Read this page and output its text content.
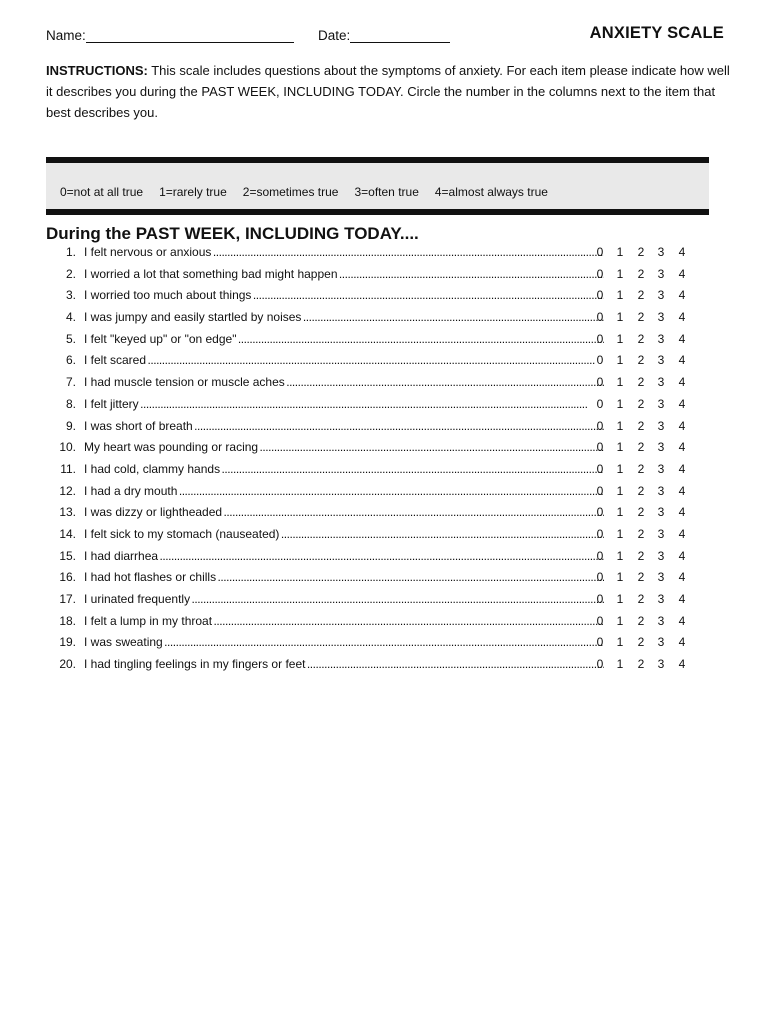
Name:	Date:	ANXIETY SCALE

INSTRUCTIONS: This scale includes questions about the symptoms of anxiety. For each item please indicate how well it describes you during the PAST WEEK, INCLUDING TODAY. Circle the number in the columns next to the item that best describes you.

0=not at all true 1=rarely true 2=sometimes true 3=often true 4=almost always true
During the PAST WEEK, INCLUDING TODAY....
1. I felt nervous or anxious . . .	0 1 2 3 4
2. I worried a lot that something bad might happen . . .	0 1 2 3 4
3. I worried too much about things . . .	0 1 2 3 4
4. I was jumpy and easily startled by noises . . .	0 1 2 3 4
5. I felt "keyed up" or "on edge" . . .	0 1 2 3 4
6. I felt scared . . .	0 1 2 3 4
7. I had muscle tension or muscle aches . . .	0 1 2 3 4
8. I felt jittery . . .	0 1 2 3 4
9. I was short of breath . . .	0 1 2 3 4
10. My heart was pounding or racing . . .	0 1 2 3 4
11. I had cold, clammy hands . . .	0 1 2 3 4
12. I had a dry mouth . . .	0 1 2 3 4
13. I was dizzy or lightheaded . . .	0 1 2 3 4
14. I felt sick to my stomach (nauseated) . . .	0 1 2 3 4
15. I had diarrhea . . .	0 1 2 3 4
16. I had hot flashes or chills . . .	0 1 2 3 4
17. I urinated frequently . . .	0 1 2 3 4
18. I felt a lump in my throat . . .	0 1 2 3 4
19. I was sweating . . .	0 1 2 3 4
20. I had tingling feelings in my fingers or feet . . .	0 1 2 3 4
